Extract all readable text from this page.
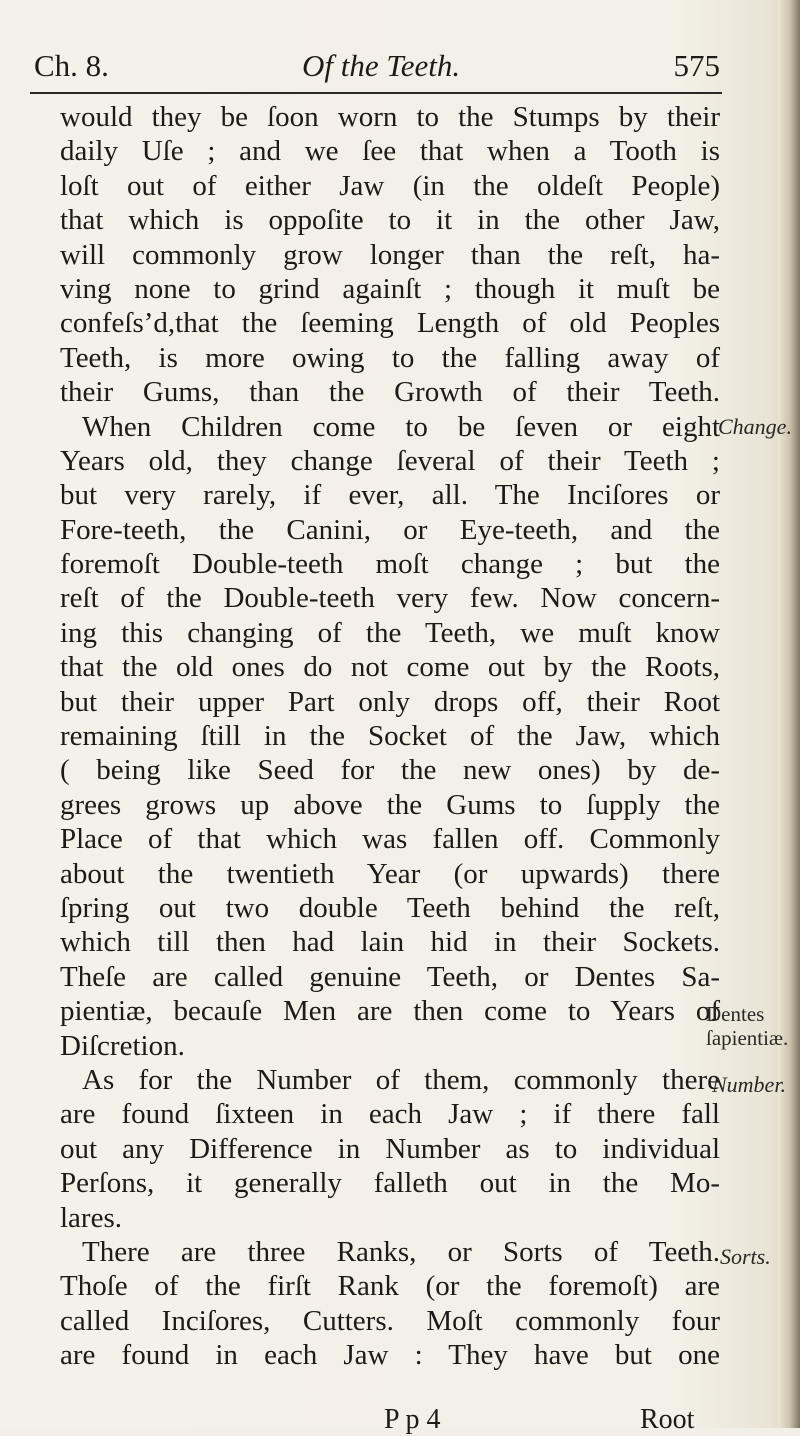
Ch. 8.	Of the Teeth.	575
would they be ſoon worn to the Stumps by their
daily Uſe ; and we ſee that when a Tooth is
loſt out of either Jaw (in the oldeſt People)
that which is oppoſite to it in the other Jaw,
will commonly grow longer than the reſt, ha-
ving none to grind againſt ; though it muſt be
confeſs’d,that the ſeeming Length of old Peoples
Teeth, is more owing to the falling away of
their Gums, than the Growth of their Teeth.
When Children come to be ſeven or eight
Years old, they change ſeveral of their Teeth ;
but very rarely, if ever, all. The Inciſores or
Fore-teeth, the Canini, or Eye-teeth, and the
foremoſt Double-teeth moſt change ; but the
reſt of the Double-teeth very few. Now concern-
ing this changing of the Teeth, we muſt know
that the old ones do not come out by the Roots,
but their upper Part only drops off, their Root
remaining ſtill in the Socket of the Jaw, which
( being like Seed for the new ones) by de-
grees grows up above the Gums to ſupply the
Place of that which was fallen off. Commonly
about the twentieth Year (or upwards) there
ſpring out two double Teeth behind the reſt,
which till then had lain hid in their Sockets.
Theſe are called genuine Teeth, or Dentes Sa-
pientiæ, becauſe Men are then come to Years of
Diſcretion.
As for the Number of them, commonly there
are found ſixteen in each Jaw ; if there fall
out any Difference in Number as to individual
Perſons, it generally falleth out in the Mo-
lares.
There are three Ranks, or Sorts of Teeth.
Thoſe of the firſt Rank (or the foremoſt) are
called Inciſores, Cutters. Moſt commonly four
are found in each Jaw : They have but one
Change.
Dentes
ſapientiæ.
Number.
Sorts.
P p 4	Root
